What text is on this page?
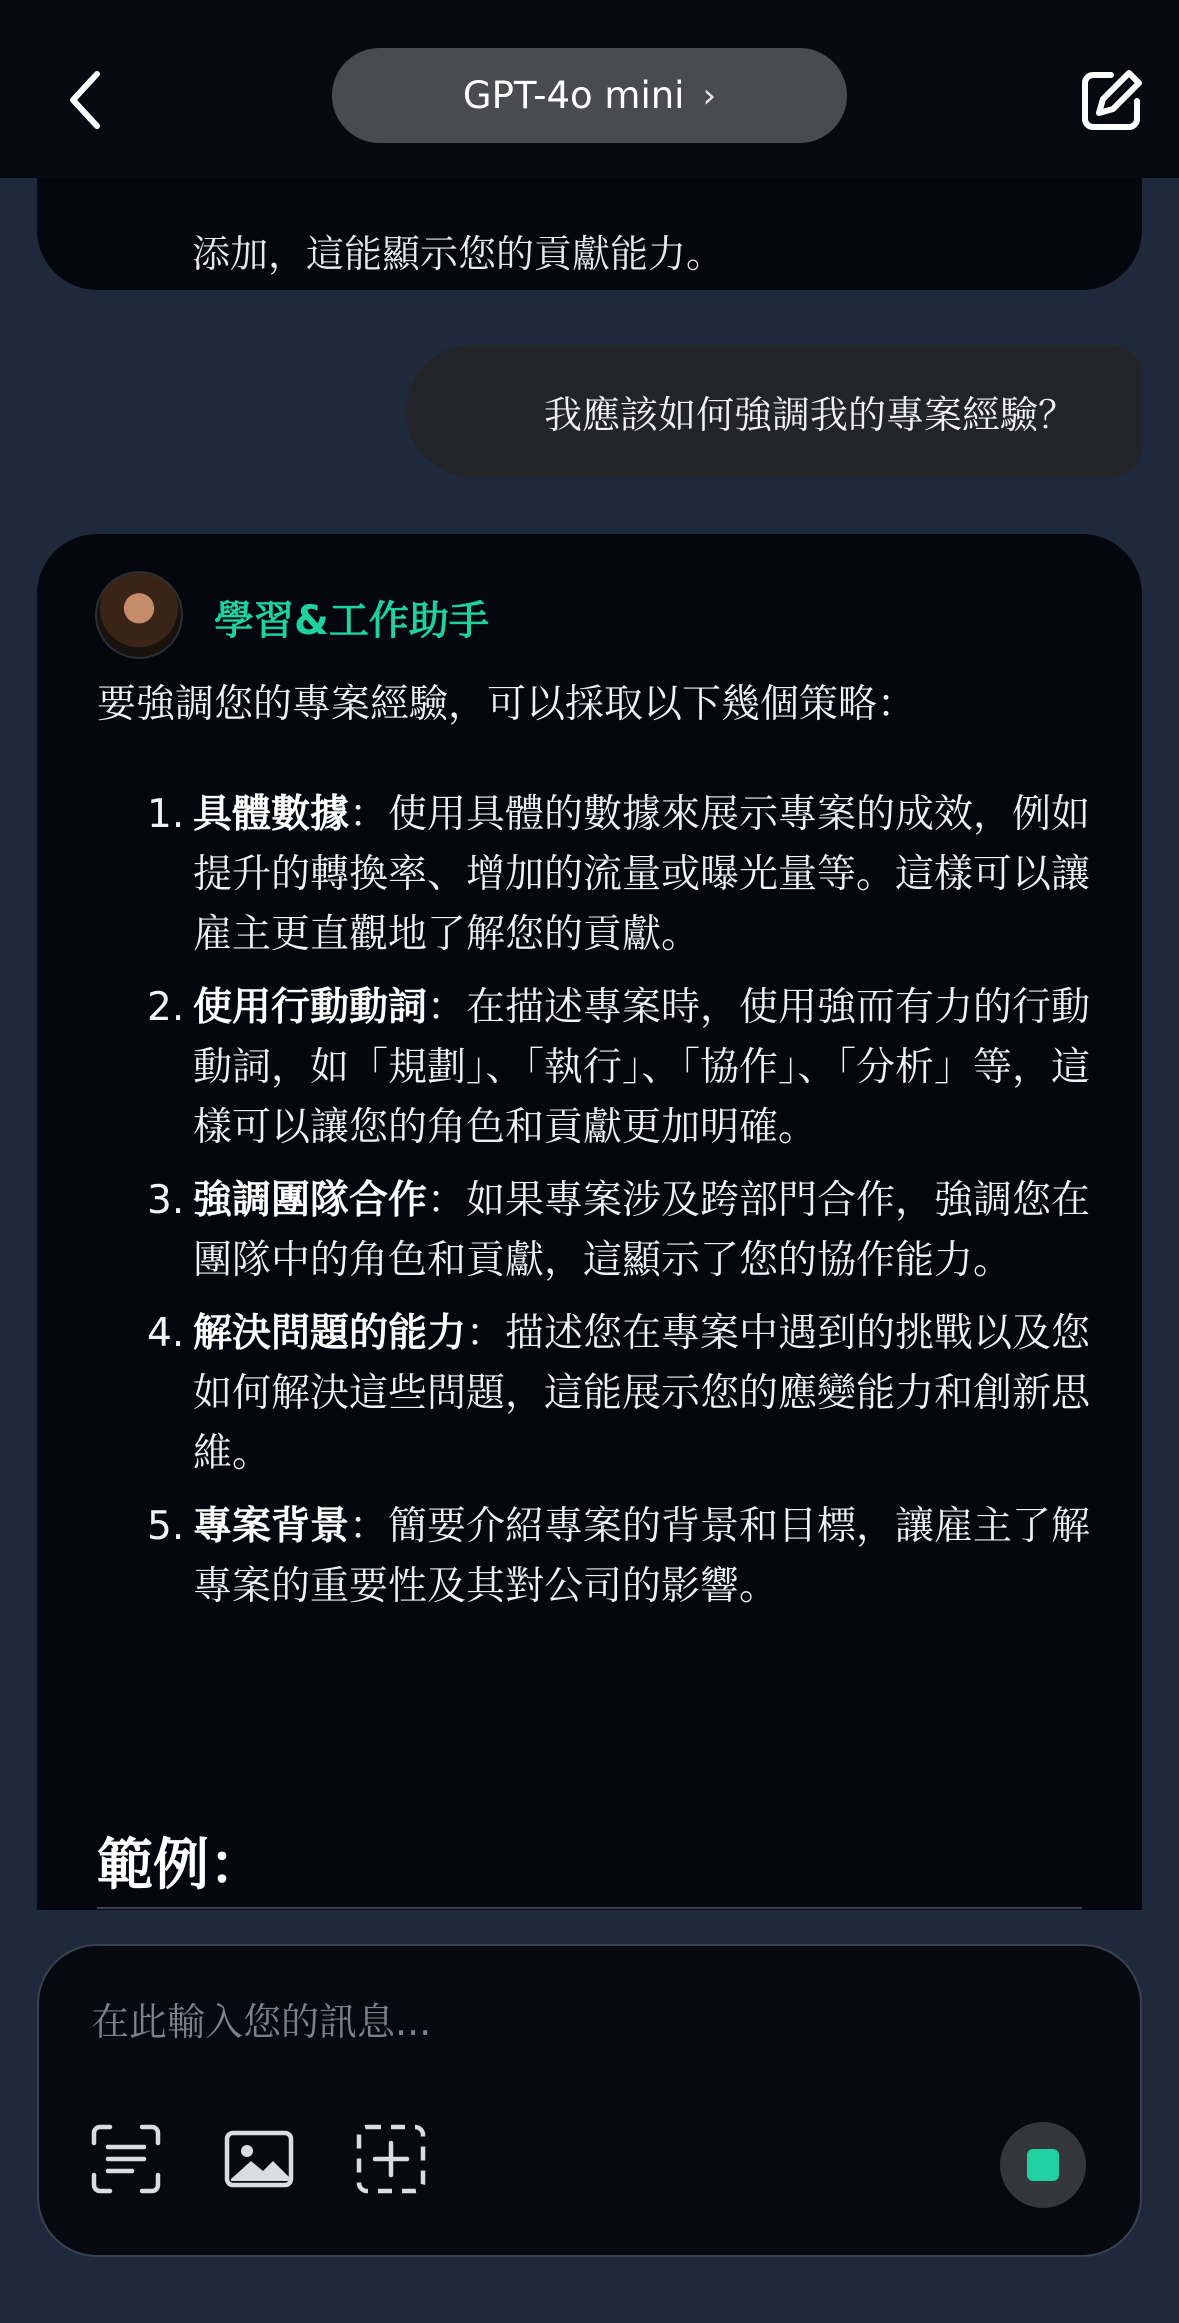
添加，這能顯示您的貢獻能力。
GPT-4o mini ›
我應該如何強調我的專案經驗？
學習&工作助手
要強調您的專案經驗，可以採取以下幾個策略：
1. 具體數據：使用具體的數據來展示專案的成效，例如提升的轉換率、增加的流量或曝光量等。這樣可以讓雇主更直觀地了解您的貢獻。
2. 使用行動動詞：在描述專案時，使用強而有力的行動動詞，如「規劃」、「執行」、「協作」、「分析」等，這樣可以讓您的角色和貢獻更加明確。
3. 強調團隊合作：如果專案涉及跨部門合作，強調您在團隊中的角色和貢獻，這顯示了您的協作能力。
4. 解決問題的能力：描述您在專案中遇到的挑戰以及您如何解決這些問題，這能展示您的應變能力和創新思維。
5. 專案背景：簡要介紹專案的背景和目標，讓雇主了解專案的重要性及其對公司的影響。
範例：
在此輸入您的訊息...
